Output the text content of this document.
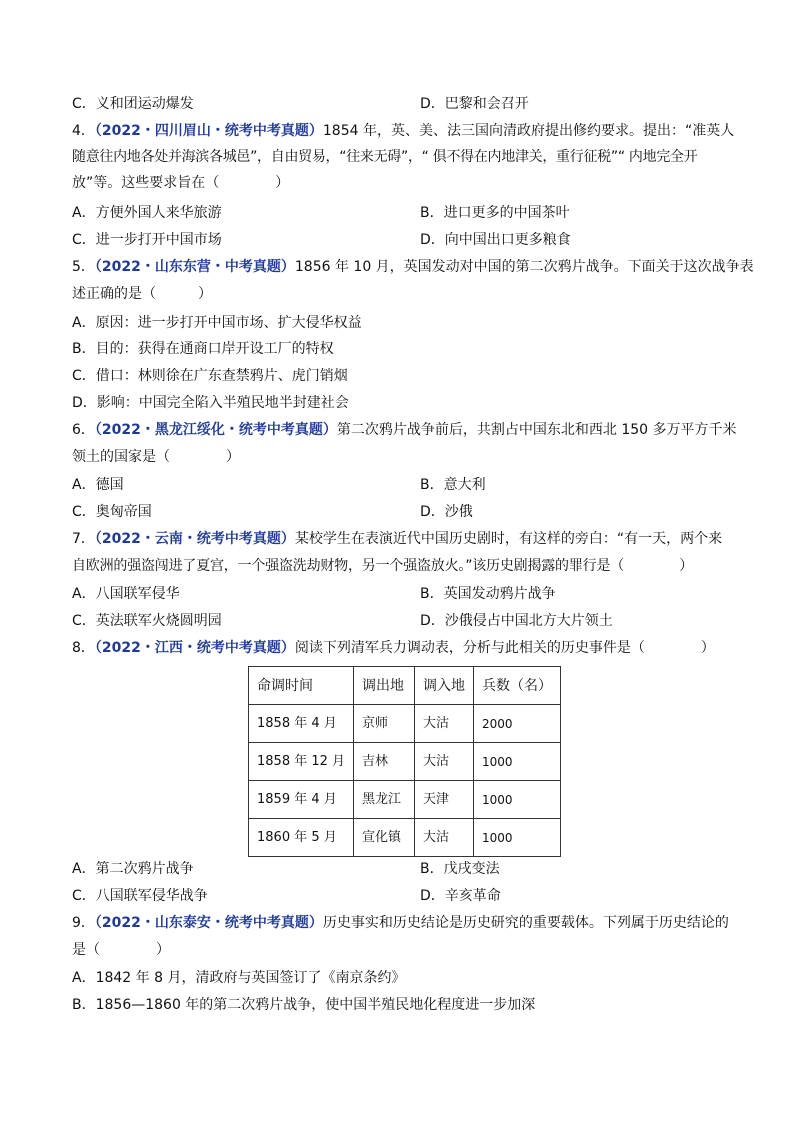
C．义和团运动爆发	D．巴黎和会召开
4．（2022・四川眉山・统考中考真题）1854 年，英、美、法三国向清政府提出修约要求。提出：“准英人
随意往内地各处并海滨各城邑”，自由贸易，“往来无碍”，“ 俱不得在内地津关，重行征税”“ 内地完全开
放”等。这些要求旨在（　　　　）
A．方便外国人来华旅游	B．进口更多的中国茶叶
C．进一步打开中国市场	D．向中国出口更多粮食
5．（2022・山东东营・中考真题）1856 年 10 月，英国发动对中国的第二次鸦片战争。下面关于这次战争表
述正确的是（　　　）
A．原因：进一步打开中国市场、扩大侵华权益
B．目的：获得在通商口岸开设工厂的特权
C．借口：林则徐在广东查禁鸦片、虎门销烟
D．影响：中国完全陷入半殖民地半封建社会
6．（2022・黑龙江绥化・统考中考真题）第二次鸦片战争前后，共割占中国东北和西北 150 多万平方千米
领土的国家是（　　　　）
A．德国	B．意大利
C．奥匈帝国	D．沙俄
7．（2022・云南・统考中考真题）某校学生在表演近代中国历史剧时，有这样的旁白：“有一天，两个来
自欧洲的强盗闯进了夏宫，一个强盗洗劫财物，另一个强盗放火。”该历史剧揭露的罪行是（　　　　）
A．八国联军侵华	B．英国发动鸦片战争
C．英法联军火烧圆明园	D．沙俄侵占中国北方大片领土
8．（2022・江西・统考中考真题）阅读下列清军兵力调动表，分析与此相关的历史事件是（　　　　）
命调时间	调出地	调入地	兵数（名）
1858 年 4 月	京师	大沽	2000
1858 年 12 月	吉林	大沽	1000
1859 年 4 月	黑龙江	天津	1000
1860 年 5 月	宣化镇	大沽	1000
A．第二次鸦片战争	B．戊戌变法
C．八国联军侵华战争	D．辛亥革命
9．（2022・山东泰安・统考中考真题）历史事实和历史结论是历史研究的重要载体。下列属于历史结论的
是（　　　　）
A．1842 年 8 月，清政府与英国签订了《南京条约》
B．1856—1860 年的第二次鸦片战争，使中国半殖民地化程度进一步加深
